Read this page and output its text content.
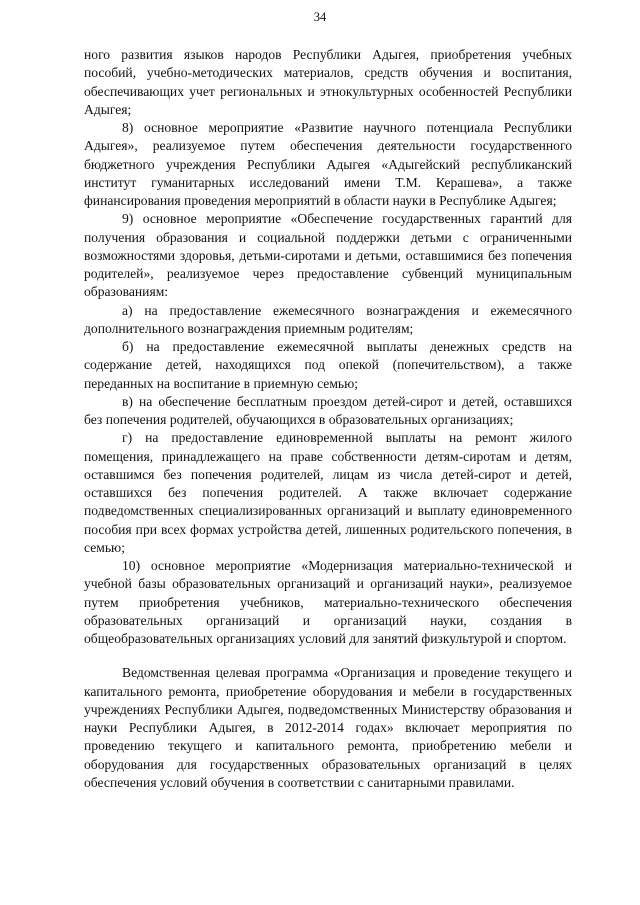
34

ного развития языков народов Республики Адыгея, приобретения учебных пособий, учебно-методических материалов, средств обучения и воспитания, обеспечивающих учет региональных и этнокультурных особенностей Республики Адыгея;

8) основное мероприятие «Развитие научного потенциала Республики Адыгея», реализуемое путем обеспечения деятельности государственного бюджетного учреждения Республики Адыгея «Адыгейский республиканский институт гуманитарных исследований имени Т.М. Керашева», а также финансирования проведения мероприятий в области науки в Республике Адыгея;

9) основное мероприятие «Обеспечение государственных гарантий для получения образования и социальной поддержки детьми с ограниченными возможностями здоровья, детьми-сиротами и детьми, оставшимися без попечения родителей», реализуемое через предоставление субвенций муниципальным образованиям:

а) на предоставление ежемесячного вознаграждения и ежемесячного дополнительного вознаграждения приемным родителям;

б) на предоставление ежемесячной выплаты денежных средств на содержание детей, находящихся под опекой (попечительством), а также переданных на воспитание в приемную семью;

в) на обеспечение бесплатным проездом детей-сирот и детей, оставшихся без попечения родителей, обучающихся в образовательных организациях;

г) на предоставление единовременной выплаты на ремонт жилого помещения, принадлежащего на праве собственности детям-сиротам и детям, оставшимся без попечения родителей, лицам из числа детей-сирот и детей, оставшихся без попечения родителей. А также включает содержание подведомственных специализированных организаций и выплату единовременного пособия при всех формах устройства детей, лишенных родительского попечения, в семью;

10) основное мероприятие «Модернизация материально-технической и учебной базы образовательных организаций и организаций науки», реализуемое путем приобретения учебников, материально-технического обеспечения образовательных организаций и организаций науки, создания в общеобразовательных организациях условий для занятий физкультурой и спортом.

Ведомственная целевая программа «Организация и проведение текущего и капитального ремонта, приобретение оборудования и мебели в государственных учреждениях Республики Адыгея, подведомственных Министерству образования и науки Республики Адыгея, в 2012-2014 годах» включает мероприятия по проведению текущего и капитального ремонта, приобретению мебели и оборудования для государственных образовательных организаций в целях обеспечения условий обучения в соответствии с санитарными правилами.
